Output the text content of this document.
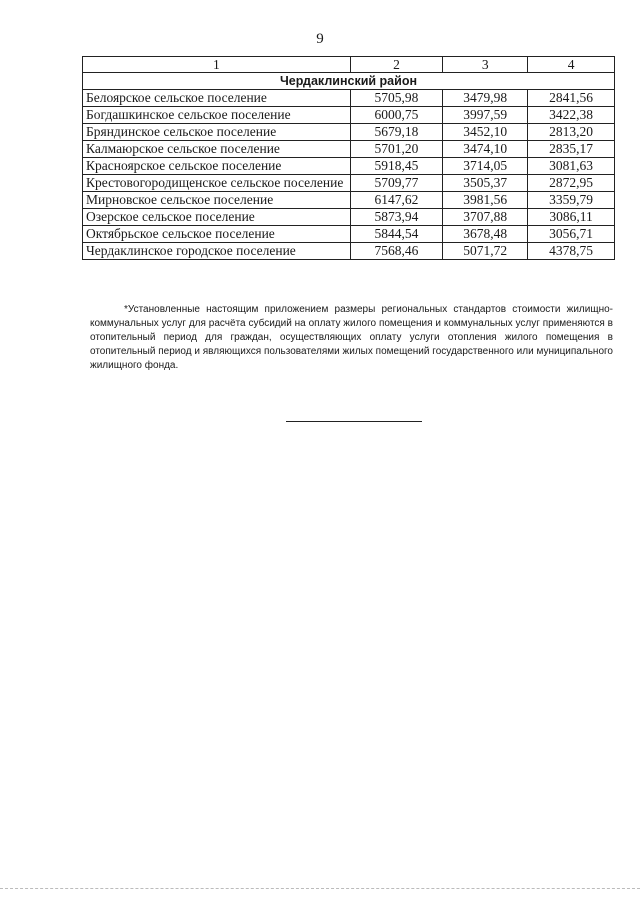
9
1	2	3	4
Чердаклинский район			
Белоярское сельское поселение	5705,98	3479,98	2841,56
Богдашкинское сельское поселение	6000,75	3997,59	3422,38
Бряндинское сельское поселение	5679,18	3452,10	2813,20
Калмаюрское сельское поселение	5701,20	3474,10	2835,17
Красноярское сельское поселение	5918,45	3714,05	3081,63
Крестовогородищенское сельское поселение	5709,77	3505,37	2872,95
Мирновское сельское поселение	6147,62	3981,56	3359,79
Озерское сельское поселение	5873,94	3707,88	3086,11
Октябрьское сельское поселение	5844,54	3678,48	3056,71
Чердаклинское городское поселение	7568,46	5071,72	4378,75
*Установленные настоящим приложением размеры региональных стандартов стоимости жилищно-коммунальных услуг для расчёта субсидий на оплату жилого помещения и коммунальных услуг применяются в отопительный период для граждан, осуществляющих оплату услуги отопления жилого помещения в отопительный период и являющихся пользователями жилых помещений государственного или муниципального жилищного фонда.
